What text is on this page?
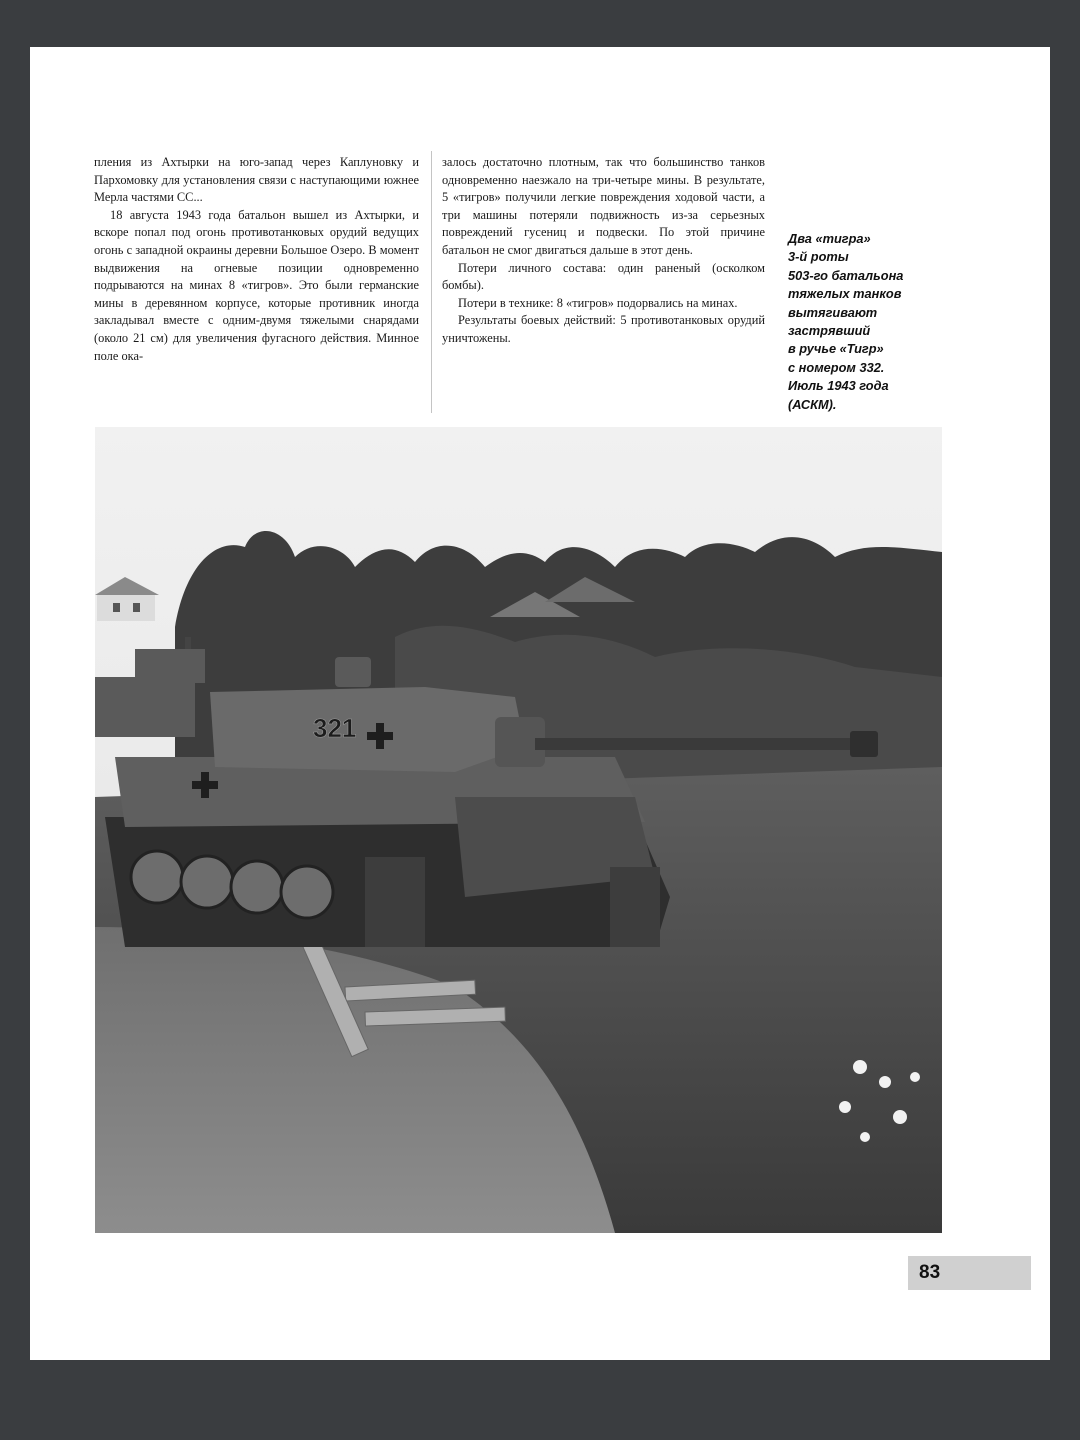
пления из Ахтырки на юго-запад через Каплуновку и Пархомовку для установления связи с наступающими южнее Мерла частями СС...

18 августа 1943 года батальон вышел из Ахтырки, и вскоре попал под огонь противотанковых орудий ведущих огонь с западной окраины деревни Большое Озеро. В момент выдвижения на огневые позиции одновременно подрываются на минах 8 «тигров». Это были германские мины в деревянном корпусе, которые противник иногда закладывал вместе с одним-двумя тяжелыми снарядами (около 21 см) для увеличения фугасного действия. Минное поле ока-

залось достаточно плотным, так что большинство танков одновременно наезжало на три-четыре мины. В результате, 5 «тигров» получили легкие повреждения ходовой части, а три машины потеряли подвижность из-за серьезных повреждений гусениц и подвески. По этой причине батальон не смог двигаться дальше в этот день.

Потери личного состава: один раненый (осколком бомбы).

Потери в технике: 8 «тигров» подорвались на минах.

Результаты боевых действий: 5 противотанковых орудий уничтожены.

Два «тигра»
3-й роты
503-го батальона
тяжелых танков
вытягивают
застрявший
в ручье «Тигр»
с номером 332.
Июль 1943 года
(АСКМ).
321
83
